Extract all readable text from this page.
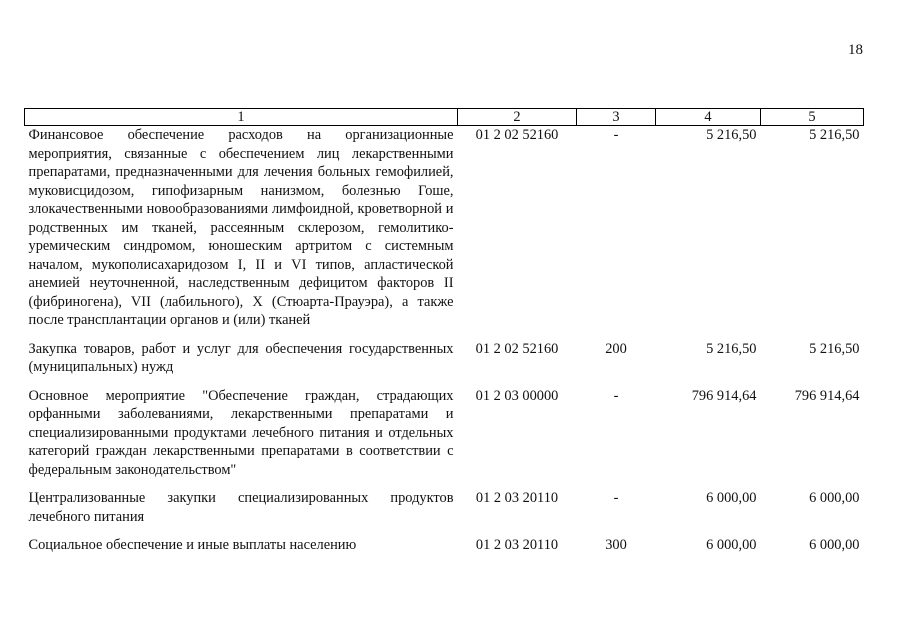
18
1	2	3	4	5
Финансовое обеспечение расходов на организационные мероприятия, связанные с обеспечением лиц лекарственными препаратами, предназначенными для лечения больных гемофилией, муковисцидозом, гипофизарным нанизмом, болезнью Гоше, злокачественными новообразованиями лимфоидной, кроветворной и родственных им тканей, рассеянным склерозом, гемолитико-уремическим синдромом, юношеским артритом с системным началом, мукополисахаридозом I, II и VI типов, апластической анемией неуточненной, наследственным дефицитом факторов II (фибриногена), VII (лабильного), X (Стюарта-Прауэра), а также после трансплантации органов и (или) тканей	01 2 02 52160	-	5 216,50	5 216,50
Закупка товаров, работ и услуг для обеспечения государственных (муниципальных) нужд	01 2 02 52160	200	5 216,50	5 216,50
Основное мероприятие "Обеспечение граждан, страдающих орфанными заболеваниями, лекарственными препаратами и специализированными продуктами лечебного питания и отдельных категорий граждан лекарственными препаратами в соответствии с федеральным законодательством"	01 2 03 00000	-	796 914,64	796 914,64
Централизованные закупки специализированных продуктов лечебного питания	01 2 03 20110	-	6 000,00	6 000,00
Социальное обеспечение и иные выплаты населению	01 2 03 20110	300	6 000,00	6 000,00
